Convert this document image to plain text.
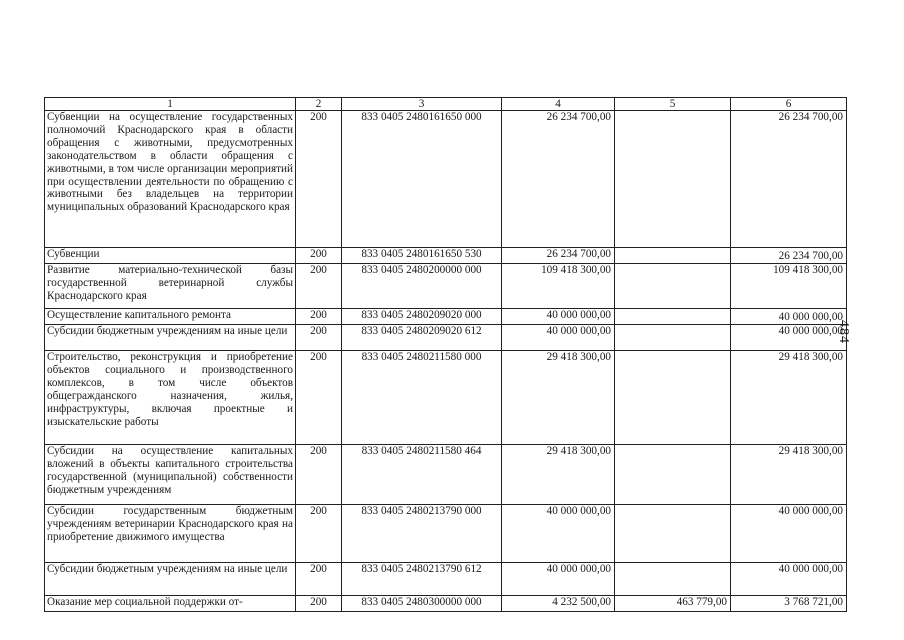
1	2	3	4	5	6
Субвенции на осуществление государственных полномочий Краснодарского края в области обращения с животными, предусмотренных законодательством в области обращения с животными, в том числе организации мероприятий при осуществлении деятельности по обращению с животными без владельцев на территории муниципальных образований Краснодарского края	200	833 0405 2480161650 000	26 234 700,00		26 234 700,00
Субвенции	200	833 0405 2480161650 530	26 234 700,00		26 234 700,00
Развитие материально-технической базы государственной ветеринарной службы Краснодарского края	200	833 0405 2480200000 000	109 418 300,00		109 418 300,00
Осуществление капитального ремонта	200	833 0405 2480209020 000	40 000 000,00		40 000 000,00
Субсидии бюджетным учреждениям на иные цели	200	833 0405 2480209020 612	40 000 000,00		40 000 000,00
Строительство, реконструкция и приобретение объектов социального и производственного комплексов, в том числе объектов общегражданского назначения, жилья, инфраструктуры, включая проектные и изыскательские работы	200	833 0405 2480211580 000	29 418 300,00		29 418 300,00
Субсидии на осуществление капитальных вложений в объекты капитального строительства государственной (муниципальной) собственности бюджетным учреждениям	200	833 0405 2480211580 464	29 418 300,00		29 418 300,00
Субсидии государственным бюджетным учреждениям ветеринарии Краснодарского края на приобретение движимого имущества	200	833 0405 2480213790 000	40 000 000,00		40 000 000,00
Субсидии бюджетным учреждениям на иные цели	200	833 0405 2480213790 612	40 000 000,00		40 000 000,00
Оказание мер социальной поддержки от-	200	833 0405 2480300000 000	4 232 500,00	463 779,00	3 768 721,00
484
